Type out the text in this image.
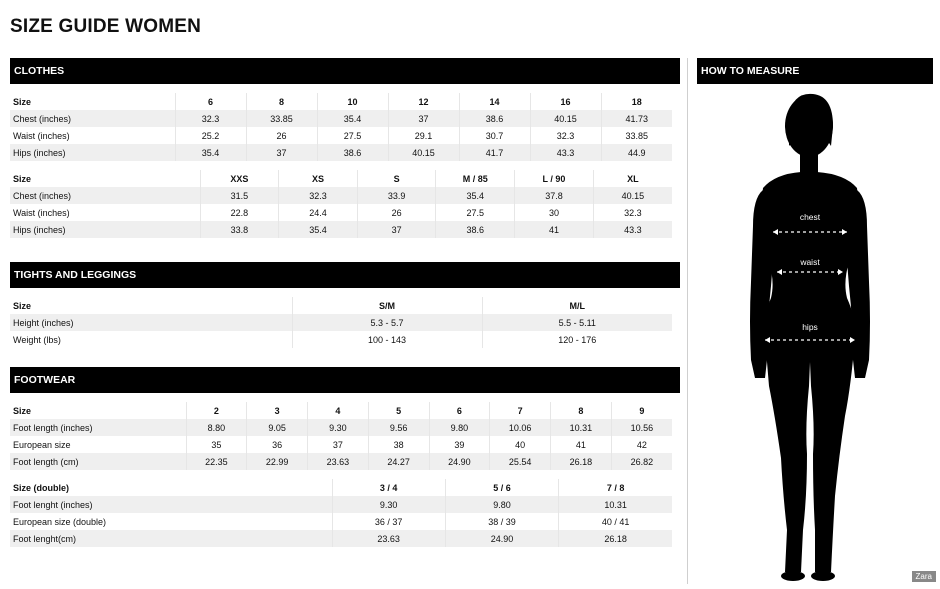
SIZE GUIDE WOMEN
CLOTHES
Size	6	8	10	12	14	16	18
Chest (inches)	32.3	33.85	35.4	37	38.6	40.15	41.73
Waist (inches)	25.2	26	27.5	29.1	30.7	32.3	33.85
Hips (inches)	35.4	37	38.6	40.15	41.7	43.3	44.9
Size	XXS	XS	S	M / 85	L / 90	XL
Chest (inches)	31.5	32.3	33.9	35.4	37.8	40.15
Waist (inches)	22.8	24.4	26	27.5	30	32.3
Hips (inches)	33.8	35.4	37	38.6	41	43.3
TIGHTS AND LEGGINGS
Size	S/M	M/L
Height (inches)	5.3 - 5.7	5.5 - 5.11
Weight (lbs)	100 - 143	120 - 176
FOOTWEAR
Size	2	3	4	5	6	7	8	9
Foot length (inches)	8.80	9.05	9.30	9.56	9.80	10.06	10.31	10.56
European size	35	36	37	38	39	40	41	42
Foot length (cm)	22.35	22.99	23.63	24.27	24.90	25.54	26.18	26.82
Size (double)	3 / 4	5 / 6	7 / 8
Foot lenght (inches)	9.30	9.80	10.31
European size (double)	36 / 37	38 / 39	40 / 41
Foot lenght(cm)	23.63	24.90	26.18
HOW TO MEASURE
chest
waist
hips
Zara
